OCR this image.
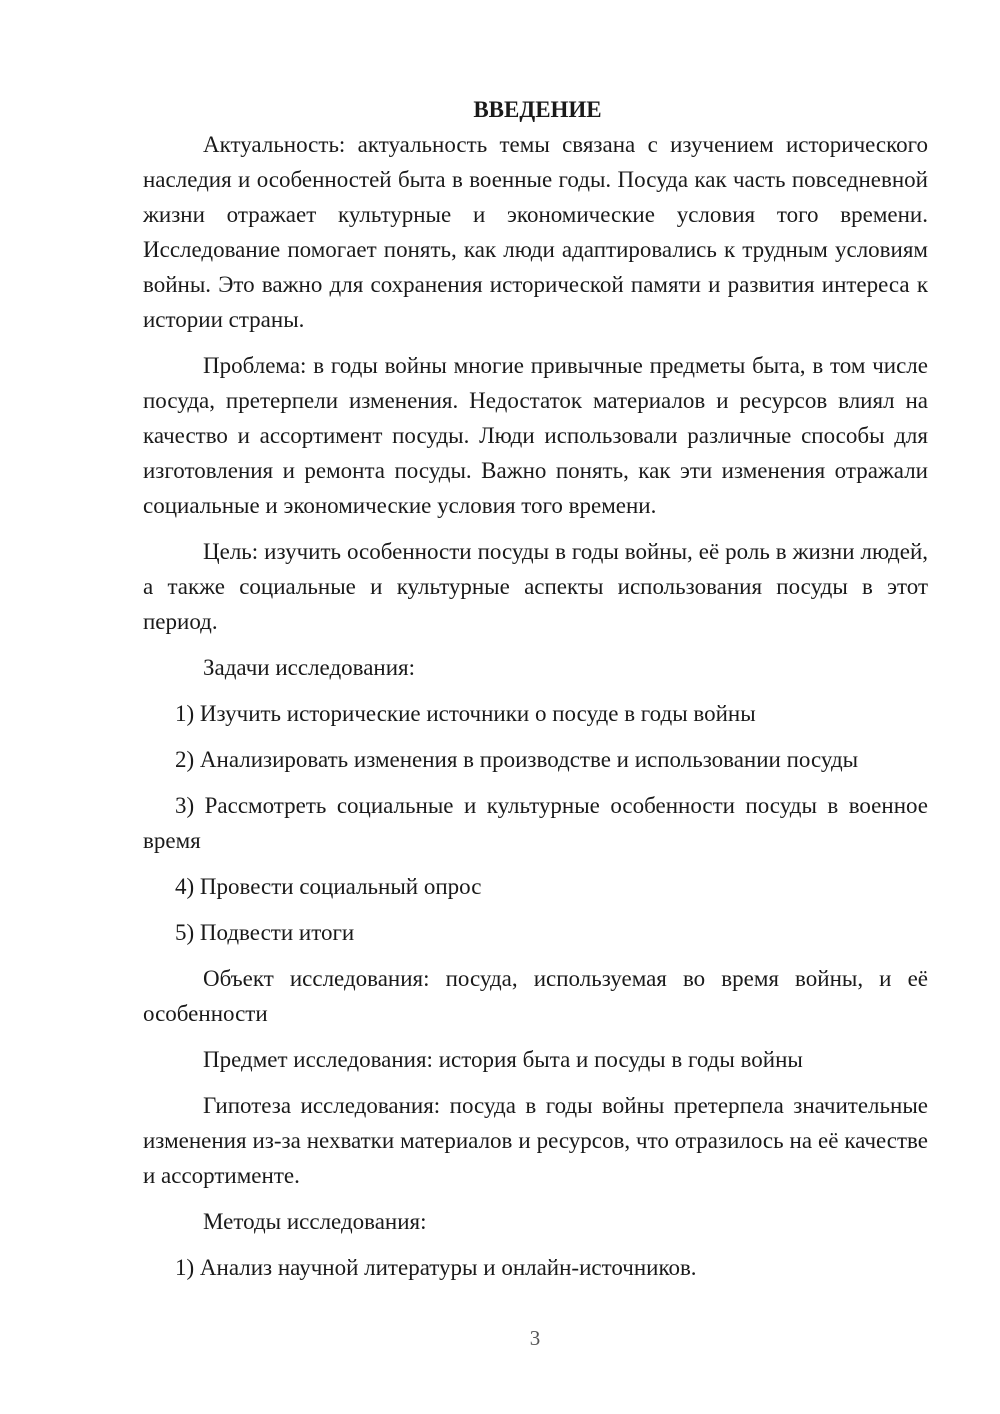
ВВЕДЕНИЕ

Актуальность: актуальность темы связана с изучением исторического наследия и особенностей быта в военные годы. Посуда как часть повседневной жизни отражает культурные и экономические условия того времени. Исследование помогает понять, как люди адаптировались к трудным условиям войны. Это важно для сохранения исторической памяти и развития интереса к истории страны.

Проблема: в годы войны многие привычные предметы быта, в том числе посуда, претерпели изменения. Недостаток материалов и ресурсов влиял на качество и ассортимент посуды. Люди использовали различные способы для изготовления и ремонта посуды. Важно понять, как эти изменения отражали социальные и экономические условия того времени.

Цель: изучить особенности посуды в годы войны, её роль в жизни людей, а также социальные и культурные аспекты использования посуды в этот период.

Задачи исследования:

1) Изучить исторические источники о посуде в годы войны

2) Анализировать изменения в производстве и использовании посуды

3) Рассмотреть социальные и культурные особенности посуды в военное время

4) Провести социальный опрос

5) Подвести итоги

Объект исследования: посуда, используемая во время войны, и её особенности

Предмет исследования: история быта и посуды в годы войны

Гипотеза исследования: посуда в годы войны претерпела значительные изменения из-за нехватки материалов и ресурсов, что отразилось на её качестве и ассортименте.

Методы исследования:

1) Анализ научной литературы и онлайн-источников.

3
